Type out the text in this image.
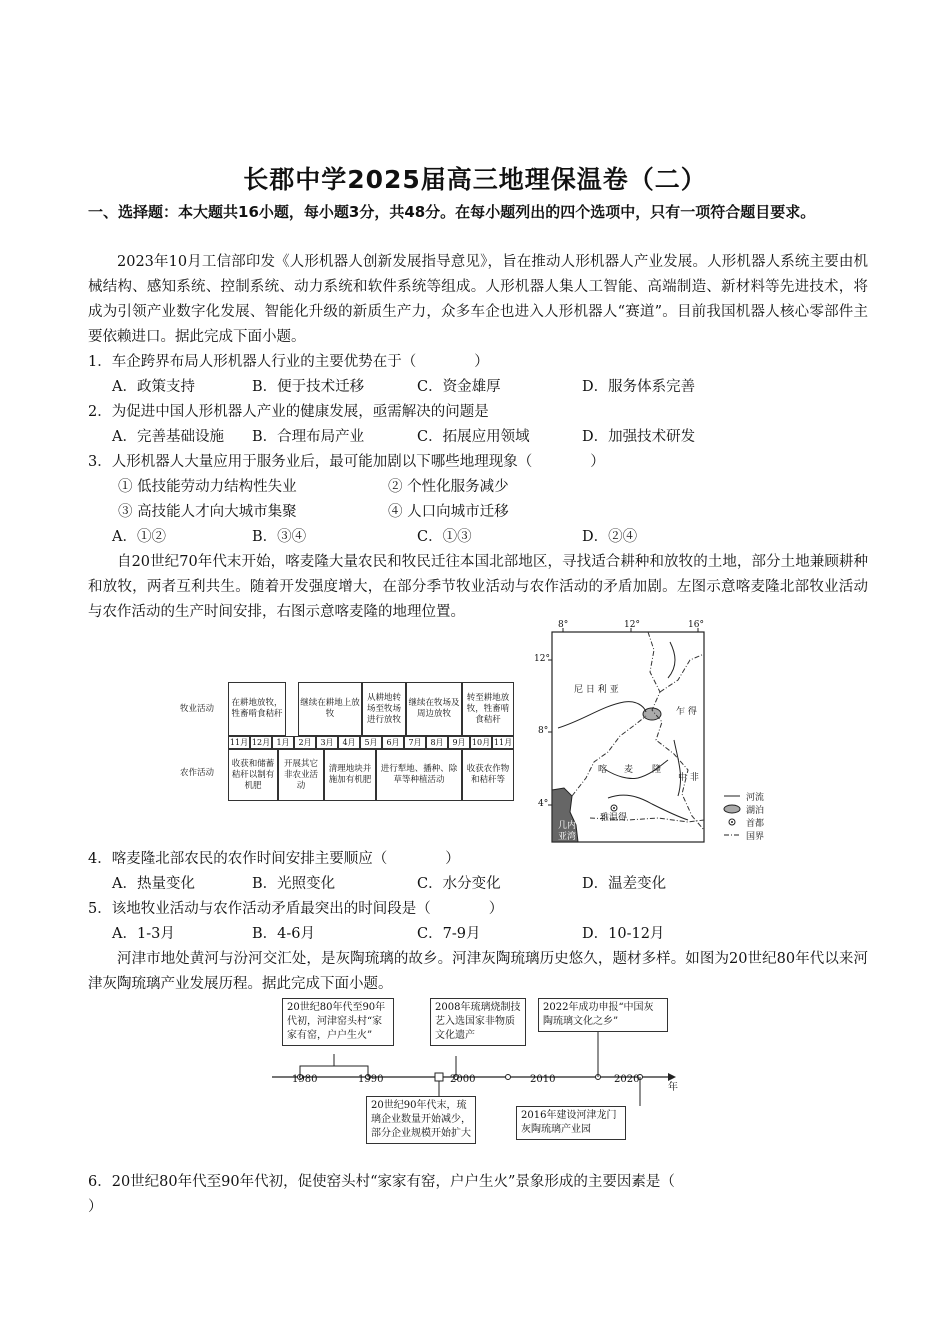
长郡中学2025届高三地理保温卷（二）
一、选择题：本大题共16小题，每小题3分，共48分。在每小题列出的四个选项中，只有一项符合题目要求。
2023年10月工信部印发《人形机器人创新发展指导意见》，旨在推动人形机器人产业发展。人形机器人系统主要由机械结构、感知系统、控制系统、动力系统和软件系统等组成。人形机器人集人工智能、高端制造、新材料等先进技术，将成为引领产业数字化发展、智能化升级的新质生产力，众多车企也进入人形机器人“赛道”。目前我国机器人核心零部件主要依赖进口。据此完成下面小题。
1．车企跨界布局人形机器人行业的主要优势在于（　　　　）
A．政策支持	B．便于技术迁移	C．资金雄厚	D．服务体系完善
2．为促进中国人形机器人产业的健康发展，亟需解决的问题是
A．完善基础设施 B．合理布局产业	C．拓展应用领域	D．加强技术研发
3．人形机器人大量应用于服务业后，最可能加剧以下哪些地理现象（　　　　）
① 低技能劳动力结构性失业	② 个性化服务减少
③ 高技能人才向大城市集聚	④ 人口向城市迁移
A．①②	B．③④	C．①③	D．②④
自20世纪70年代末开始，喀麦隆大量农民和牧民迁往本国北部地区，寻找适合耕种和放牧的土地，部分土地兼顾耕种和放牧，两者互利共生。随着开发强度增大，在部分季节牧业活动与农作活动的矛盾加剧。左图示意喀麦隆北部牧业活动与农作活动的生产时间安排，右图示意喀麦隆的地理位置。
牧业活动
农作活动
在耕地放牧，牲畜啃食秸秆
继续在耕地上放牧
从耕地转场至牧场进行放牧
继续在牧场及周边放牧
转至耕地放牧，牲畜啃食秸秆
收获和储蓄秸秆以制有机肥
开展其它非农业活动
清理地块并施加有机肥
进行犁地、播种、除草等种植活动
收获农作物和秸秆等
11月 12月 1月	2月	3月	4月	5月	6月	7月	8月	9月 10月 11月
8°	12°	16°
12°
8°
4°
尼 日 利 亚
乍 得
喀 麦 隆
中 非
雅温得
几内
亚湾
河流
湖泊
首都
国界
4．喀麦隆北部农民的农作时间安排主要顺应（　　　　）
A．热量变化	B．光照变化	C．水分变化	D．温差变化
5．该地牧业活动与农作活动矛盾最突出的时间段是（　　　　）
A．1-3月	B．4-6月	C．7-9月	D．10-12月
河津市地处黄河与汾河交汇处，是灰陶琉璃的故乡。河津灰陶琉璃历史悠久，题材多样。如图为20世纪80年代以来河津灰陶琉璃产业发展历程。据此完成下面小题。
20世纪80年代至90年代初，河津窑头村“家家有窑，户户生火”
2008年琉璃烧制技艺入选国家非物质文化遗产
2022年成功申报“中国灰陶琉璃文化之乡”
20世纪90年代末，琉璃企业数量开始减少，部分企业规模开始扩大
2016年建设河津龙门灰陶琉璃产业园
1980	1990	2000	2010	2020
年
6．20世纪80年代至90年代初，促使窑头村“家家有窑，户户生火”景象形成的主要因素是（
）
